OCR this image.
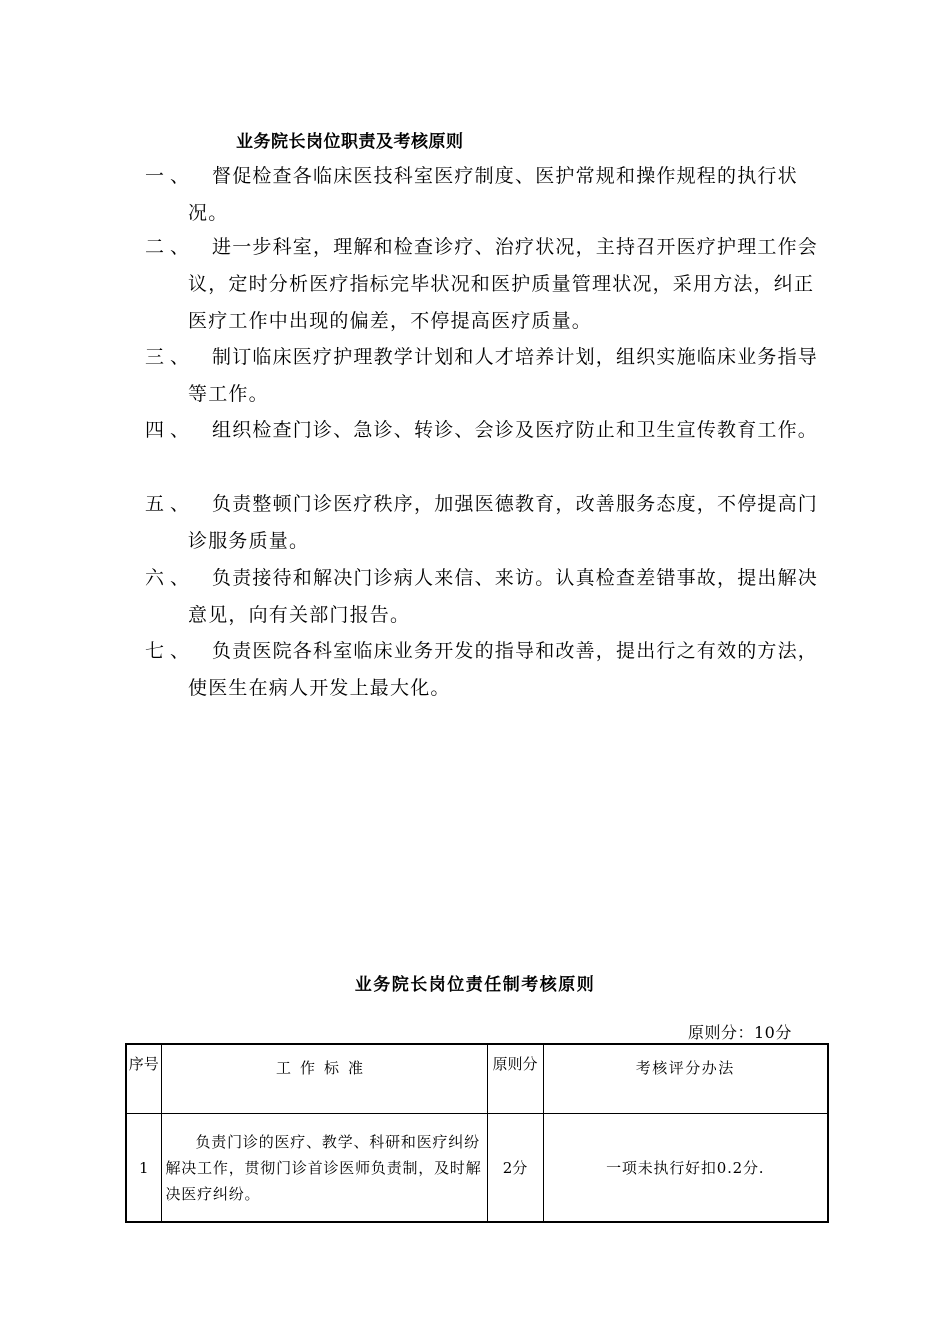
业务院长岗位职责及考核原则
一、 督促检查各临床医技科室医疗制度、医护常规和操作规程的执行状况。
二、 进一步科室，理解和检查诊疗、治疗状况，主持召开医疗护理工作会议，定时分析医疗指标完毕状况和医护质量管理状况，采用方法，纠正医疗工作中出现的偏差，不停提高医疗质量。
三、 制订临床医疗护理教学计划和人才培养计划，组织实施临床业务指导等工作。
四、 组织检查门诊、急诊、转诊、会诊及医疗防止和卫生宣传教育工作。
五、 负责整顿门诊医疗秩序，加强医德教育，改善服务态度，不停提高门诊服务质量。
六、 负责接待和解决门诊病人来信、来访。认真检查差错事故，提出解决意见，向有关部门报告。
七、 负责医院各科室临床业务开发的指导和改善，提出行之有效的方法，使医生在病人开发上最大化。
业务院长岗位责任制考核原则
原则分：10分
序号	工作标准	原则分	考核评分办法
1	负责门诊的医疗、教学、科研和医疗纠纷解决工作，贯彻门诊首诊医师负责制，及时解决医疗纠纷。	2分	一项未执行好扣0.2分.
